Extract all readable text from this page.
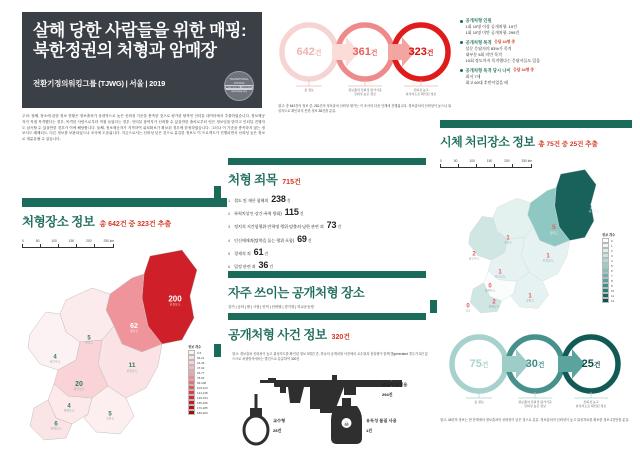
살해 당한 사람들을 위한 매핑:
북한정권의 처형과 암매장
전환기정의워킹그룹 (TJWG) | 서울 | 2019	TRANSITIONAL JUSTICE
WORKING GROUP
www.tjwg.org
주의: 첫째, 장소에 관한 정보 현황은 정보출처가 상대적으로 높은 신뢰성 기준을 충족한 것으로 평가한 탈북민 인터뷰 데이터에서 추출하였습니다. 정보제공자가 직접 목격했다는 경우, 목격한 사람으로부터 직접 들었다는 경우, 인터뷰 참여자가 신뢰할 수 있을만한 출처로부터 얻은 정보임을 밝히고 인터뷰 진행자도 납득할 수 있을만한 경우가 이에 해당합니다. 둘째, 정보제공자가 지적하여 위치확보가 확보된 경우에 한정하였습니다. 그러나 이 기준을 충족하지 않는 정보서도 배제되도, 다른 정보를 보완되었으나 조사에 도움됩니다. 지금으로서는 신뢰성 낮은 것으로 분류한 정보도 이 프로젝트가 진행되면서 신뢰성 높은 정보로 재분류될 수 있습니다.
642건	361건	323건
총 정보	정보출처 신뢰성 평가기준
신뢰성 높은 정보
신뢰성 높고
위성지도로 확인된 정보
참고: 총 642건의 정보 중, 281건의 정보출처 신뢰성 평가는 이 조사의 다음 단계에 진행됩니다. 정보출처의 신뢰성이 높으나 위성지도로 확인되지 못한 정보 38건을 분류.
공개처형 인원
1회 10명 이상 공개처형: 19건
1회 10명 미만 공개처형: 299건
공개처형 목격 응답 44명 중
설문 응답자의 83%가 목격
대부분 5회 미만 목격
10회 정도까지 목격했다는 응답자들도 있음
공개처형 목격 당시 나이 응답 44명 중
최저 7세
최고 60대 후반이었을 때
처형장소 정보 총 642건 중 323건 추출
0	50	100	150	200	250 km
200
함경북도
62
량강도
5
자강도
4
평안북도
11
함경남도
20
평안남도
4
황해북도
6
황해남도
5
강원도
정보 개수
0-5
06-21
22-46
47-62
63-77
78-92
93-108
109-123
124-138
139-154
155-169
170-185
186-200
처형 죄목 715건
1 절도 및 재산 침해죄 238 건
2 폭력치상인·강간·폭력 방화) 115 건
3 정치적 저간힘행위·반혁명 행위·탈출죄·남한 관련 죄 73 건
4 인신매매죄(탈북을 돕는 행위 포함) 69 건
5 경제적 죄 61 건
6 밀정 관련 죄 36 건
자주 쓰이는 공개처형 장소
강가 | 공터 | 밭 | 시장 | 언덕 | 산비탈 | 경기장 | 학교운동장
공개처형 사건 정보 320건
참고: 정보출처 신뢰성이 높고 위성지도를 확인된 정보 3개건 중, 하나의 공개처형 사건에서 교수형과 총살형이 함께 발generated 경우가 3건 있으므로 처형방식에서는 별건으로 분류하여 320건.
☠
총살부대 이용
294건
교수형
25건
유독성 물질 사용
1건
시체 처리장소 정보 총 75건 중 25건 추출
0	50	100	150	200	250 km
12
함경북도
5
량강도
1
자강도
2
평안북도	1
함경남도
1
평안남도
0
황해북도
2
황해남도
1
강원도
0
남포
정보 개수
0
1
2
3
4
5
6
7
8
9
10
11
12
75건	30건	25건
총 정보	정보출처 신뢰성 평가기준
신뢰성 높은 정보
신뢰성 높고
위성지도로 확인된 정보
참고: 45건의 정보는 현 단계에서 정보출처의 신뢰성이 낮은 것으로 분류. 정보출처의 신뢰성이 높고 위성자료를 확보한 정보 2건만을 분류.
